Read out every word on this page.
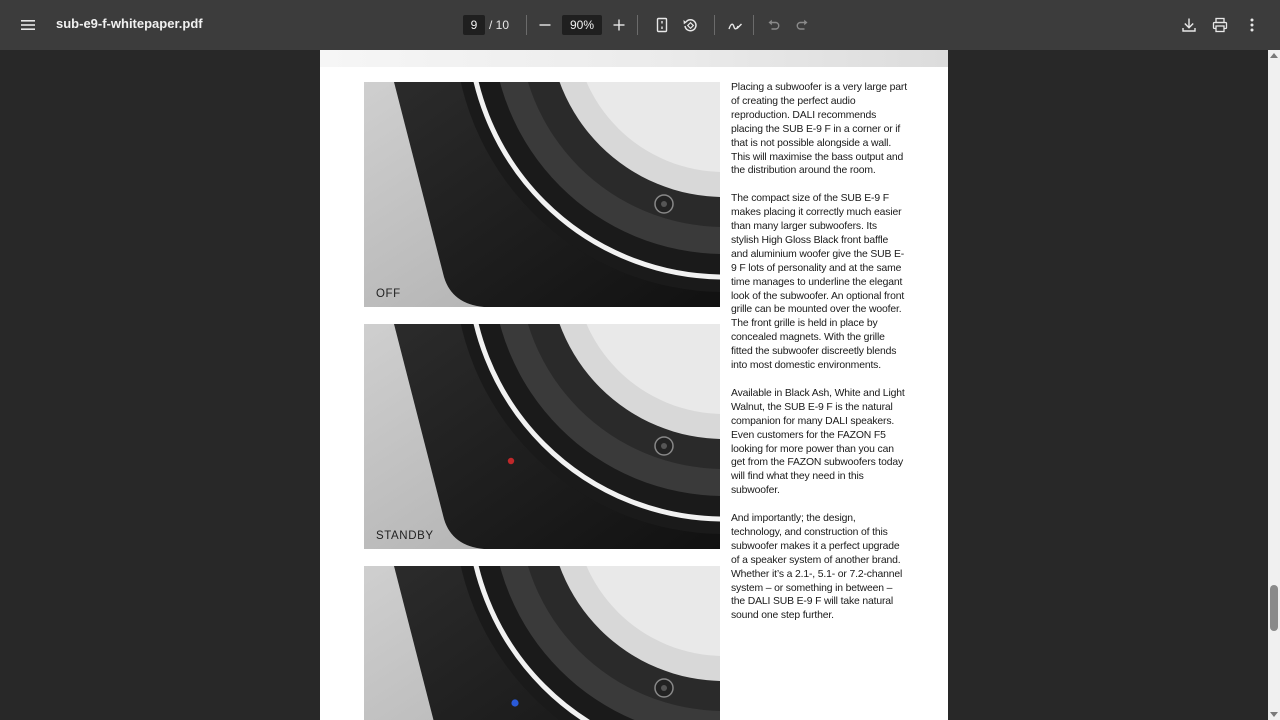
sub-e9-f-whitepaper.pdf	9 / 10	90%
OFF
STANDBY

Placing a subwoofer is a very large part of creating the perfect audio reproduction. DALI recommends placing the SUB E-9 F in a corner or if that is not possible alongside a wall. This will maximise the bass output and the distribution around the room.

The compact size of the SUB E-9 F makes placing it correctly much easier than many larger subwoofers. Its stylish High Gloss Black front baffle and aluminium woofer give the SUB E-9 F lots of personality and at the same time manages to underline the elegant look of the subwoofer. An optional front grille can be mounted over the woofer. The front grille is held in place by concealed magnets. With the grille fitted the subwoofer discreetly blends into most domestic environments.

Available in Black Ash, White and Light Walnut, the SUB E-9 F is the natural companion for many DALI speakers. Even customers for the FAZON F5 looking for more power than you can get from the FAZON subwoofers today will find what they need in this subwoofer.

And importantly; the design, technology, and construction of this subwoofer makes it a perfect upgrade of a speaker system of another brand. Whether it’s a 2.1-, 5.1- or 7.2-channel system – or something in between – the DALI SUB E-9 F will take natural sound one step further.
